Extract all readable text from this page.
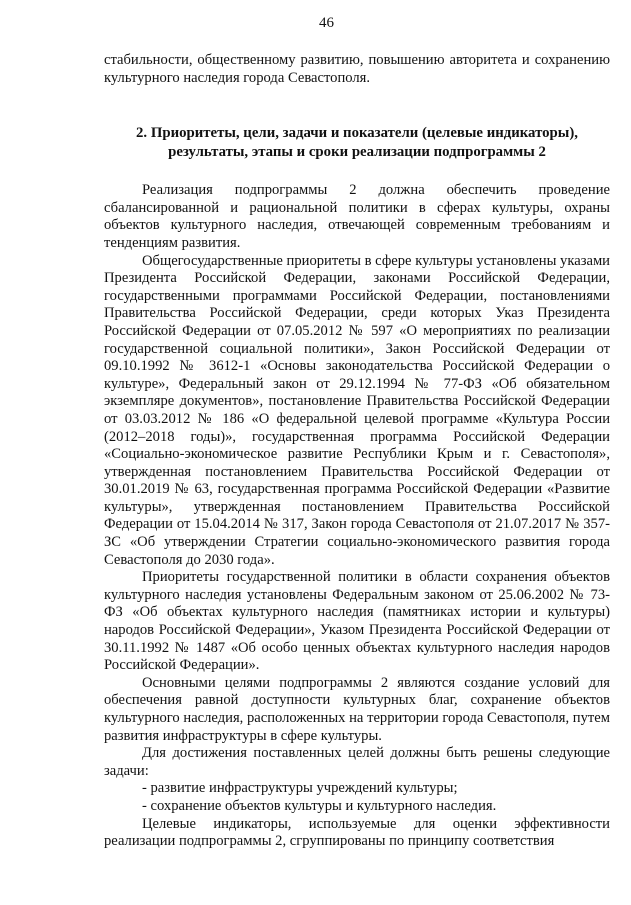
46

стабильности, общественному развитию, повышению авторитета и сохранению культурного наследия города Севастополя.

2. Приоритеты, цели, задачи и показатели (целевые индикаторы), результаты, этапы и сроки реализации подпрограммы 2

Реализация подпрограммы 2 должна обеспечить проведение сбалансированной и рациональной политики в сферах культуры, охраны объектов культурного наследия, отвечающей современным требованиям и тенденциям развития.

Общегосударственные приоритеты в сфере культуры установлены указами Президента Российской Федерации, законами Российской Федерации, государственными программами Российской Федерации, постановлениями Правительства Российской Федерации, среди которых Указ Президента Российской Федерации от 07.05.2012 № 597 «О мероприятиях по реализации государственной социальной политики», Закон Российской Федерации от 09.10.1992 № 3612-1 «Основы законодательства Российской Федерации о культуре», Федеральный закон от 29.12.1994 № 77-ФЗ «Об обязательном экземпляре документов», постановление Правительства Российской Федерации от 03.03.2012 № 186 «О федеральной целевой программе «Культура России (2012–2018 годы)», государственная программа Российской Федерации «Социально-экономическое развитие Республики Крым и г. Севастополя», утвержденная постановлением Правительства Российской Федерации от 30.01.2019 № 63, государственная программа Российской Федерации «Развитие культуры», утвержденная постановлением Правительства Российской Федерации от 15.04.2014 № 317, Закон города Севастополя от 21.07.2017 № 357-ЗС «Об утверждении Стратегии социально-экономического развития города Севастополя до 2030 года».

Приоритеты государственной политики в области сохранения объектов культурного наследия установлены Федеральным законом от 25.06.2002 № 73-ФЗ «Об объектах культурного наследия (памятниках истории и культуры) народов Российской Федерации», Указом Президента Российской Федерации от 30.11.1992 № 1487 «Об особо ценных объектах культурного наследия народов Российской Федерации».

Основными целями подпрограммы 2 являются создание условий для обеспечения равной доступности культурных благ, сохранение объектов культурного наследия, расположенных на территории города Севастополя, путем развития инфраструктуры в сфере культуры.

Для достижения поставленных целей должны быть решены следующие задачи:

- развитие инфраструктуры учреждений культуры;

- сохранение объектов культуры и культурного наследия.

Целевые индикаторы, используемые для оценки эффективности реализации подпрограммы 2, сгруппированы по принципу соответствия
